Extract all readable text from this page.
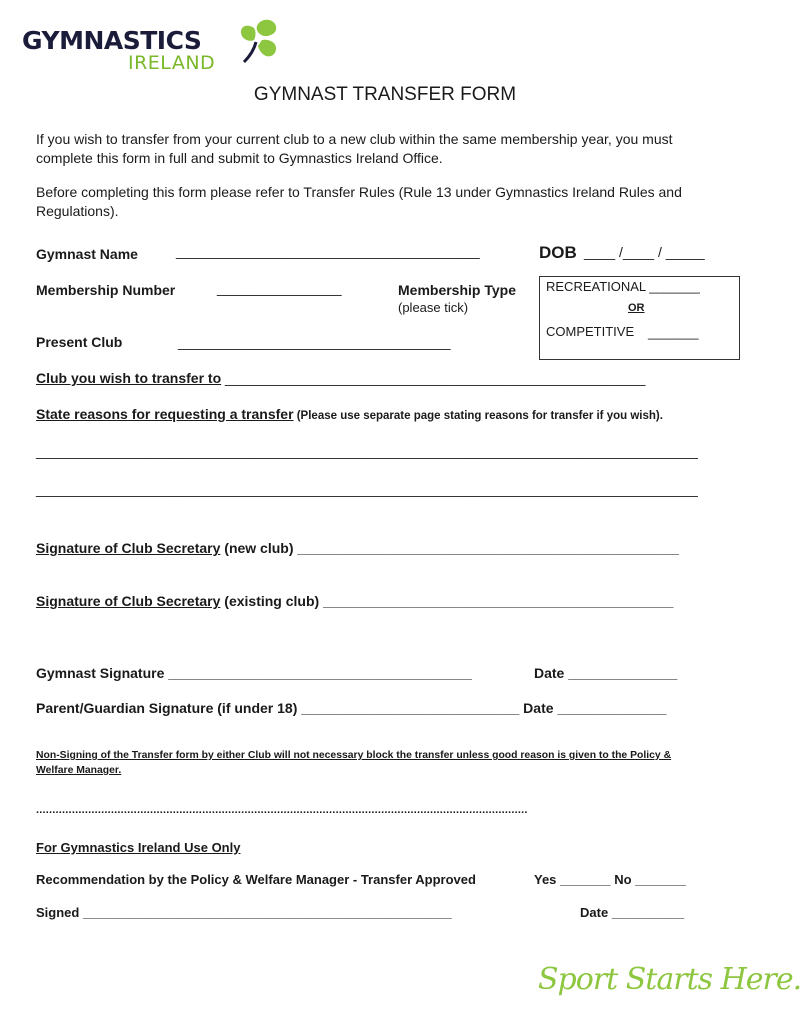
GYMNASTICS
IRELAND
GYMNAST TRANSFER FORM
If you wish to transfer from your current club to a new club within the same membership year, you must
complete this form in full and submit to Gymnastics Ireland Office.
Before completing this form please refer to Transfer Rules (Rule 13 under Gymnastics Ireland Rules and
Regulations).
Gymnast Name	_______________________________________	DOB ____ /____ / _____
Membership Number	________________	Membership Type
(please tick)
RECREATIONAL _______
OR
COMPETITIVE _______
Present Club	___________________________________
Club you wish to transfer to ______________________________________________________
State reasons for requesting a transfer (Please use separate page stating reasons for transfer if you wish).
_____________________________________________________________________________________
_____________________________________________________________________________________
Signature of Club Secretary (new club) _________________________________________________
Signature of Club Secretary (existing club) _____________________________________________
Gymnast Signature _______________________________________	Date ______________
Parent/Guardian Signature (if under 18) ____________________________ Date ______________
Non-Signing of the Transfer form by either Club will not necessary block the transfer unless good reason is given to the Policy &
Welfare Manager.
.......................................................................................................................................................
For Gymnastics Ireland Use Only
Recommendation by the Policy & Welfare Manager - Transfer Approved	Yes _______ No _______
Signed ___________________________________________________	Date __________
Sport Starts Here.
